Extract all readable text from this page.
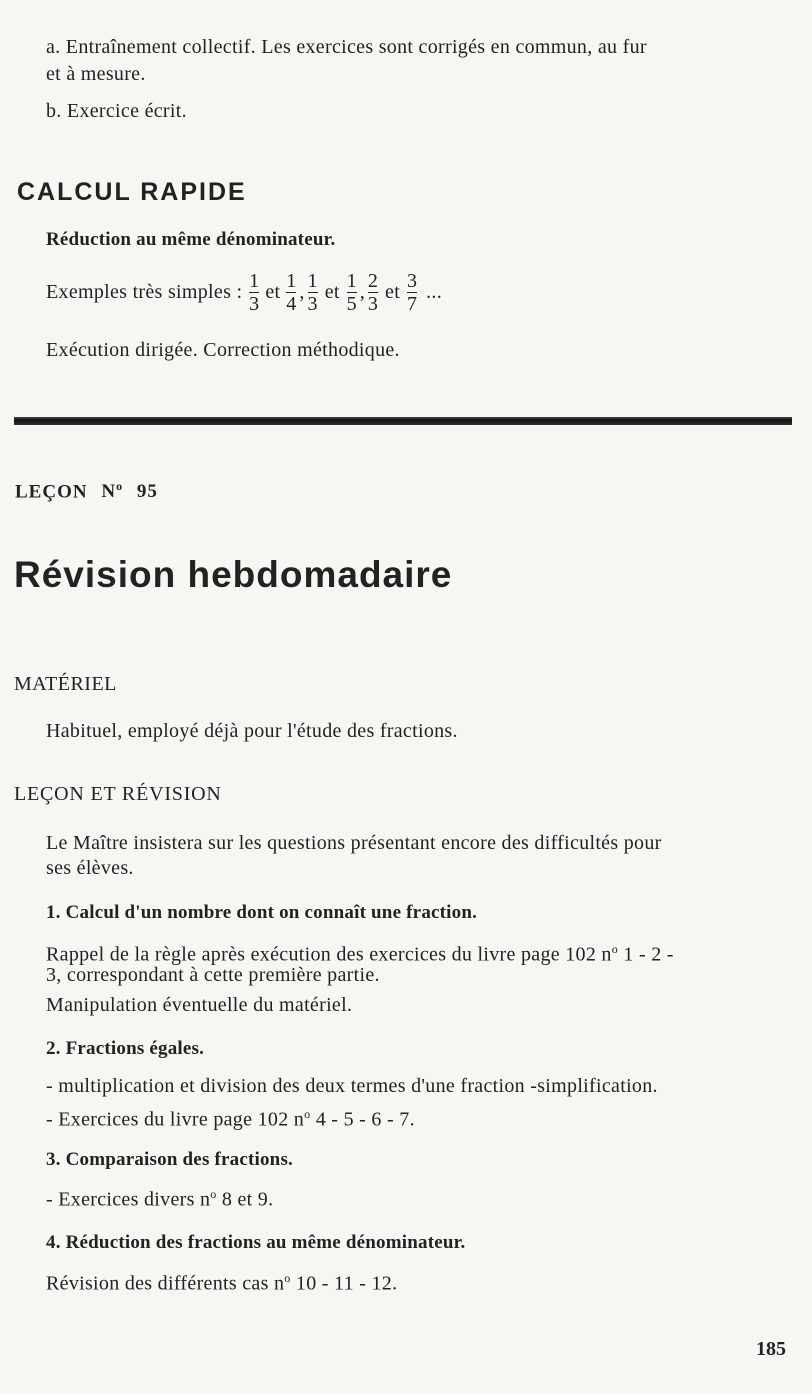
a. Entraînement collectif. Les exercices sont corrigés en commun, au fur
et à mesure.
b. Exercice écrit.
CALCUL RAPIDE
Réduction au même dénominateur.
Exemples très simples : $\frac{1}{3}$ et $\frac{1}{4}$ , $\frac{1}{3}$ et $\frac{1}{5}$ , $\frac{2}{3}$ et $\frac{3}{7}$ ...
Exécution dirigée. Correction méthodique.
LEÇON $N^o$ 95
Révision hebdomadaire
MATÉRIEL
Habituel, employé déjà pour l'étude des fractions.
LEÇON ET RÉVISION
Le Maître insistera sur les questions présentant encore des difficultés pour
ses élèves.
1. Calcul d'un nombre dont on connaît une fraction.
Rappel de la règle après exécution des exercices du livre page 102 $n^o$ 1 - 2 -
3, correspondant à cette première partie.
Manipulation éventuelle du matériel.
2. Fractions égales.
- multiplication et division des deux termes d'une fraction -simplification.
- Exercices du livre page 102 $n^o$ 4 - 5 - 6 - 7.
3. Comparaison des fractions.
- Exercices divers $n^o$ 8 et 9.
4. Réduction des fractions au même dénominateur.
Révision des différents cas $n^o$ 10 - 11 - 12.
185
